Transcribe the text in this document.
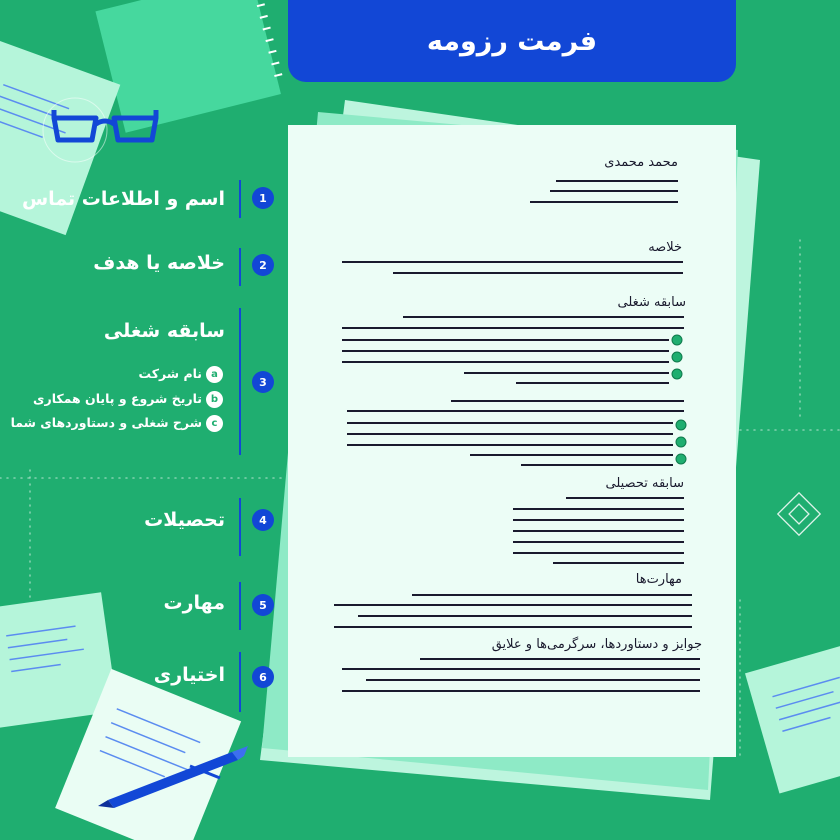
فرمت رزومه
1
2
3
4
5
6
اسم و اطلاعات تماس
خلاصه یا هدف
سابقه شغلی
تحصیلات
مهارت
اختیاری
a
b
c
نام شرکت
تاریخ شروع و پایان همکاری
شرح شغلی و دستاوردهای شما
محمد محمدی
خلاصه
سابقه شغلی
سابقه تحصیلی
مهارت‌ها
جوایز و دستاوردها، سرگرمی‌ها و علایق
